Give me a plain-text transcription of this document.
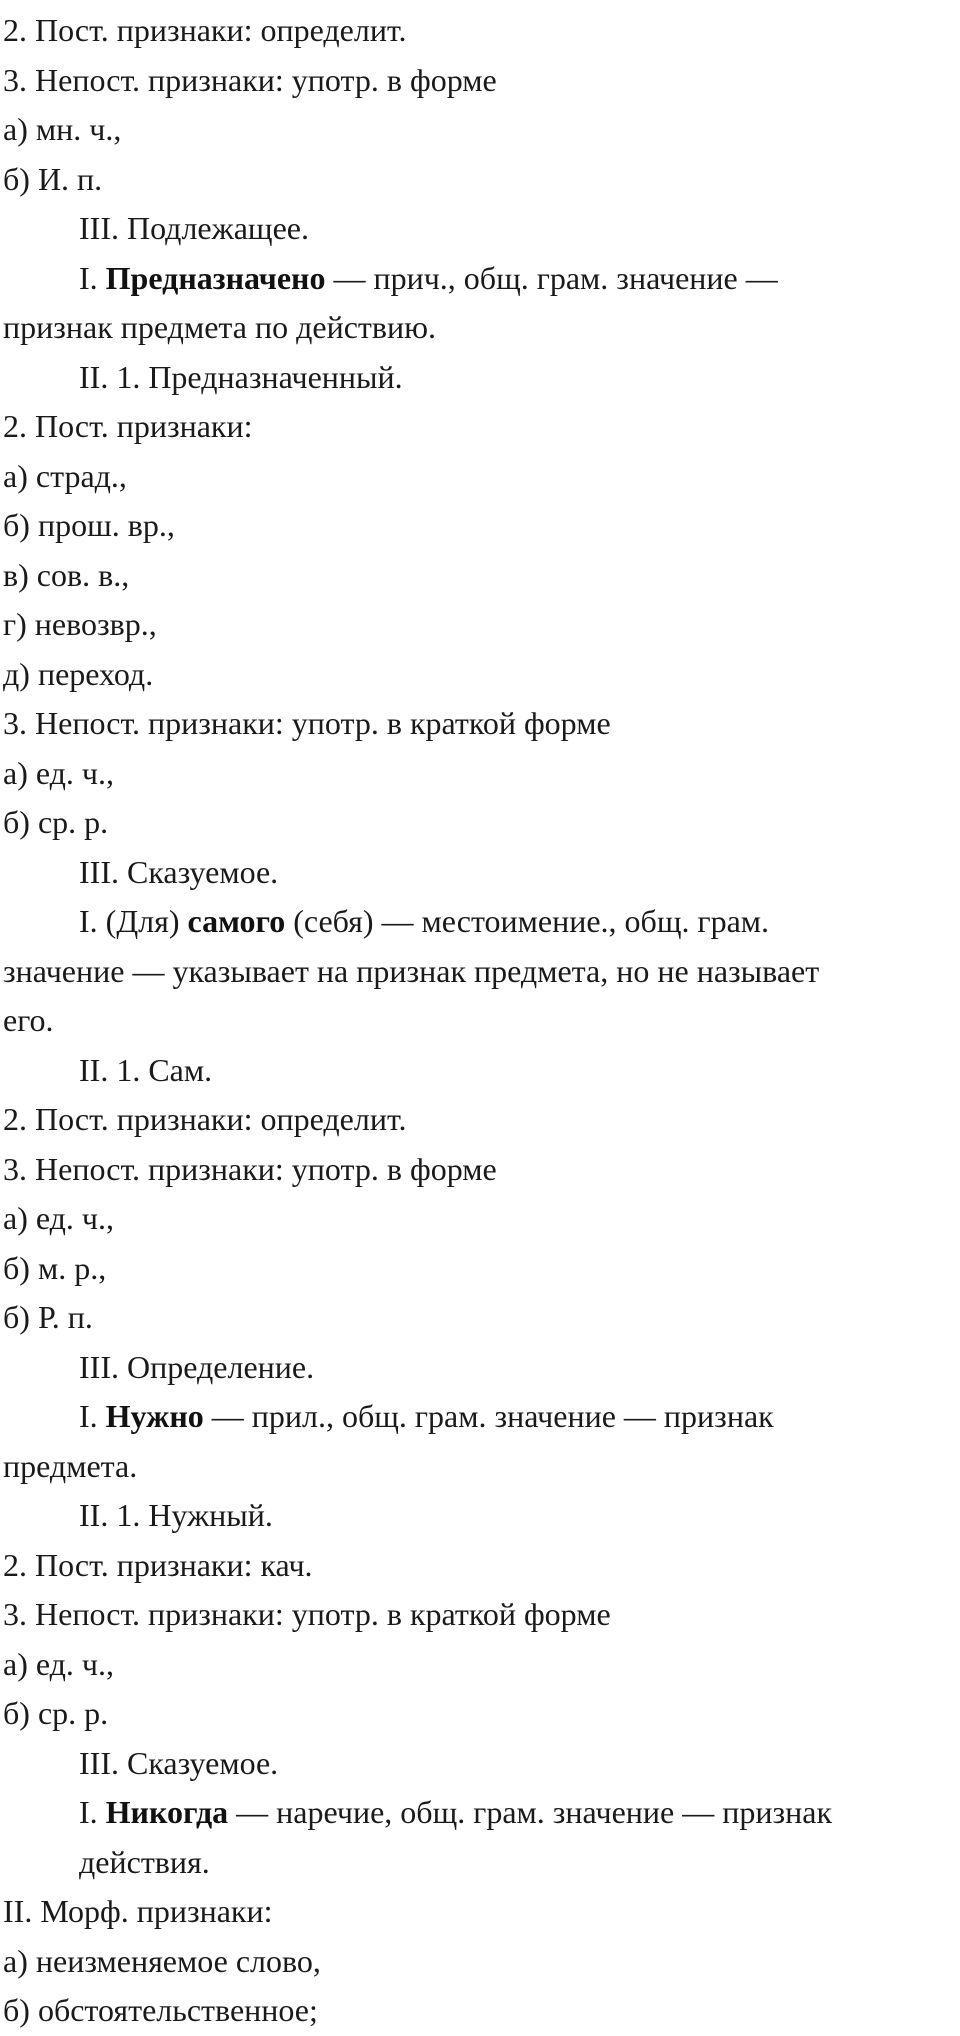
2. Пост. признаки: определит.

3. Непост. признаки: употр. в форме

а) мн. ч.,

б) И. п.

III. Подлежащее.

I. Предназначено — прич., общ. грам. значение —

признак предмета по действию.

II. 1. Предназначенный.

2. Пост. признаки:

а) страд.,

б) прош. вр.,

в) сов. в.,

г) невозвр.,

д) переход.

3. Непост. признаки: употр. в краткой форме

а) ед. ч.,

б) ср. р.

III. Сказуемое.

I. (Для) самого (себя) — местоимение., общ. грам.

значение — указывает на признак предмета, но не называет

его.

II. 1. Сам.

2. Пост. признаки: определит.

3. Непост. признаки: употр. в форме

а) ед. ч.,

б) м. р.,

б) Р. п.

III. Определение.

I. Нужно — прил., общ. грам. значение — признак

предмета.

II. 1. Нужный.

2. Пост. признаки: кач.

3. Непост. признаки: употр. в краткой форме

а) ед. ч.,

б) ср. р.

III. Сказуемое.

I. Никогда — наречие, общ. грам. значение — признак

действия.

II. Морф. признаки:

а) неизменяемое слово,

б) обстоятельственное;
